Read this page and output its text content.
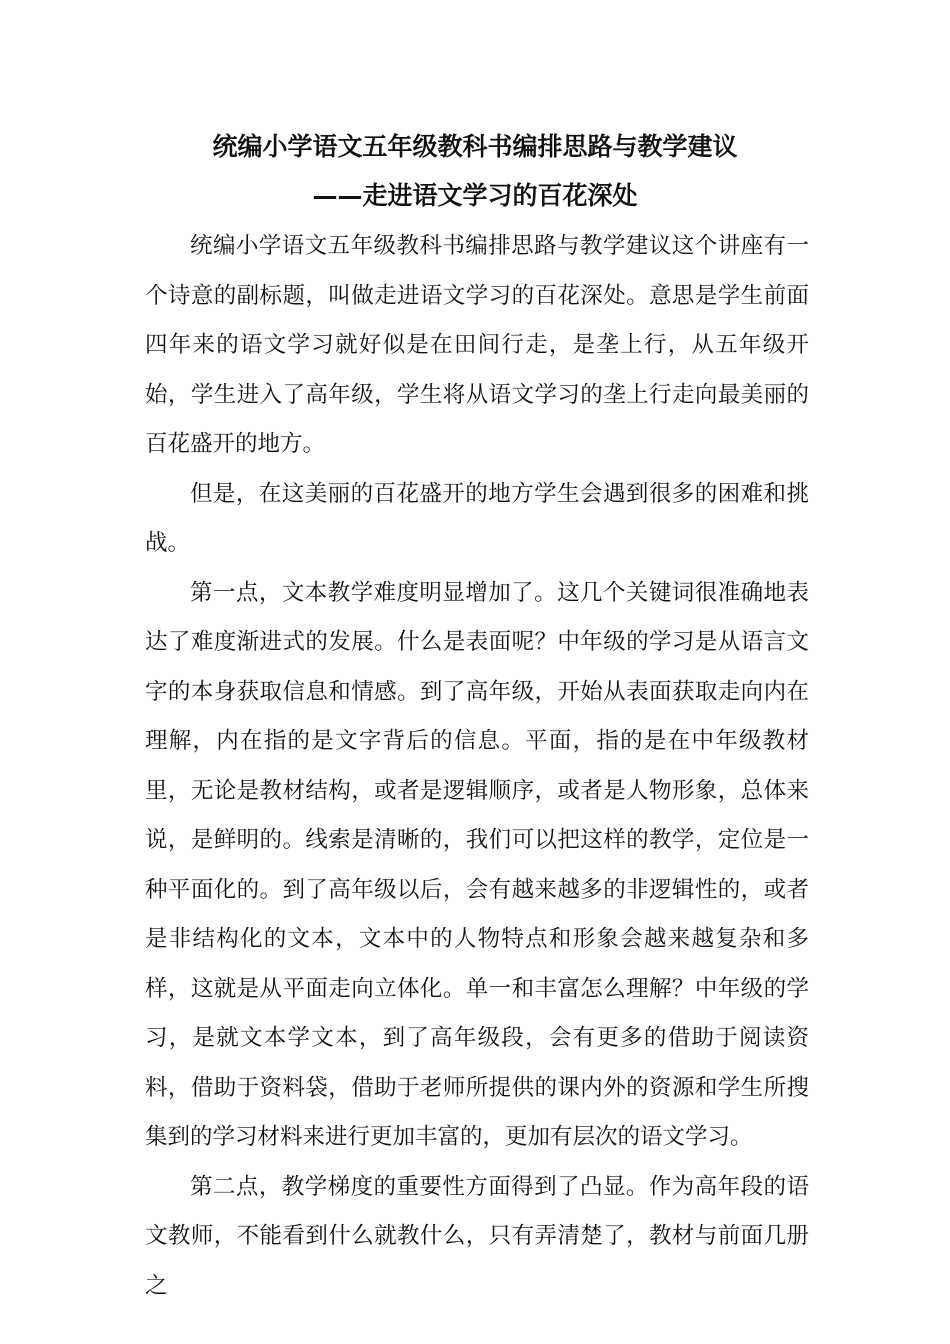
统编小学语文五年级教科书编排思路与教学建议
——走进语文学习的百花深处

统编小学语文五年级教科书编排思路与教学建议这个讲座有一个诗意的副标题，叫做走进语文学习的百花深处。意思是学生前面四年来的语文学习就好似是在田间行走，是垄上行，从五年级开始，学生进入了高年级，学生将从语文学习的垄上行走向最美丽的百花盛开的地方。

但是，在这美丽的百花盛开的地方学生会遇到很多的困难和挑战。

第一点，文本教学难度明显增加了。这几个关键词很准确地表达了难度渐进式的发展。什么是表面呢？中年级的学习是从语言文字的本身获取信息和情感。到了高年级，开始从表面获取走向内在理解，内在指的是文字背后的信息。平面，指的是在中年级教材里，无论是教材结构，或者是逻辑顺序，或者是人物形象，总体来说，是鲜明的。线索是清晰的，我们可以把这样的教学，定位是一种平面化的。到了高年级以后，会有越来越多的非逻辑性的，或者是非结构化的文本，文本中的人物特点和形象会越来越复杂和多样，这就是从平面走向立体化。单一和丰富怎么理解？中年级的学习，是就文本学文本，到了高年级段，会有更多的借助于阅读资料，借助于资料袋，借助于老师所提供的课内外的资源和学生所搜集到的学习材料来进行更加丰富的，更加有层次的语文学习。

第二点，教学梯度的重要性方面得到了凸显。作为高年段的语文教师，不能看到什么就教什么，只有弄清楚了，教材与前面几册之
